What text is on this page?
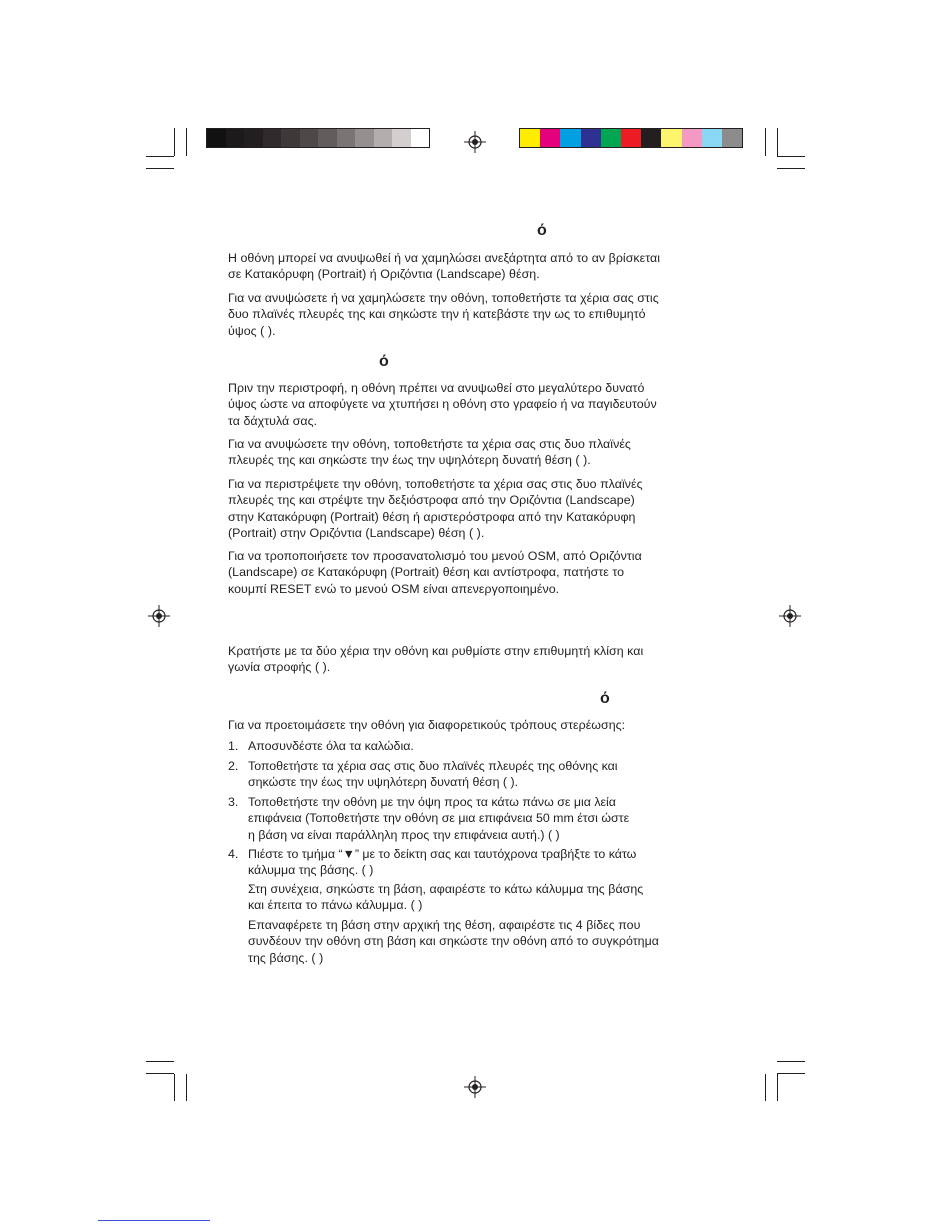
ό
ό
ό

Η οθόνη μπορεί να ανυψωθεί ή να χαμηλώσει ανεξάρτητα από το αν βρίσκεται
σε Κατακόρυφη (Portrait) ή Οριζόντια (Landscape) θέση.

Για να ανυψώσετε ή να χαμηλώσετε την οθόνη, τοποθετήστε τα χέρια σας στις
δυο πλαϊνές πλευρές της και σηκώστε την ή κατεβάστε την ως το επιθυμητό
ύψος ( ).

Πριν την περιστροφή, η οθόνη πρέπει να ανυψωθεί στο μεγαλύτερο δυνατό
ύψος ώστε να αποφύγετε να χτυπήσει η οθόνη στο γραφείο ή να παγιδευτούν
τα δάχτυλά σας.

Για να ανυψώσετε την οθόνη, τοποθετήστε τα χέρια σας στις δυο πλαϊνές
πλευρές της και σηκώστε την έως την υψηλότερη δυνατή θέση ( ).

Για να περιστρέψετε την οθόνη, τοποθετήστε τα χέρια σας στις δυο πλαϊνές
πλευρές της και στρέψτε την δεξιόστροφα από την Οριζόντια (Landscape)
στην Κατακόρυφη (Portrait) θέση ή αριστερόστροφα από την Κατακόρυφη
(Portrait) στην Οριζόντια (Landscape) θέση ( ).

Για να τροποποιήσετε τον προσανατολισμό του μενού OSM, από Οριζόντια
(Landscape) σε Κατακόρυφη (Portrait) θέση και αντίστροφα, πατήστε το
κουμπί RESET ενώ το μενού OSM είναι απενεργοποιημένο.

Κρατήστε με τα δύο χέρια την οθόνη και ρυθμίστε στην επιθυμητή κλίση και
γωνία στροφής ( ).

Για να προετοιμάσετε την οθόνη για διαφορετικούς τρόπους στερέωσης:

1. Αποσυνδέστε όλα τα καλώδια.
2. Τοποθετήστε τα χέρια σας στις δυο πλαϊνές πλευρές της οθόνης και
σηκώστε την έως την υψηλότερη δυνατή θέση ( ).
3. Τοποθετήστε την οθόνη με την όψη προς τα κάτω πάνω σε μια λεία
επιφάνεια (Τοποθετήστε την οθόνη σε μια επιφάνεια 50 mm έτσι ώστε
η βάση να είναι παράλληλη προς την επιφάνεια αυτή.) ( )
4. Πιέστε το τμήμα “▼” με το δείκτη σας και ταυτόχρονα τραβήξτε το κάτω
κάλυμμα της βάσης. ( )

Στη συνέχεια, σηκώστε τη βάση, αφαιρέστε το κάτω κάλυμμα της βάσης
και έπειτα το πάνω κάλυμμα. ( )

Επαναφέρετε τη βάση στην αρχική της θέση, αφαιρέστε τις 4 βίδες που
συνδέουν την οθόνη στη βάση και σηκώστε την οθόνη από το συγκρότημα
της βάσης. ( )
